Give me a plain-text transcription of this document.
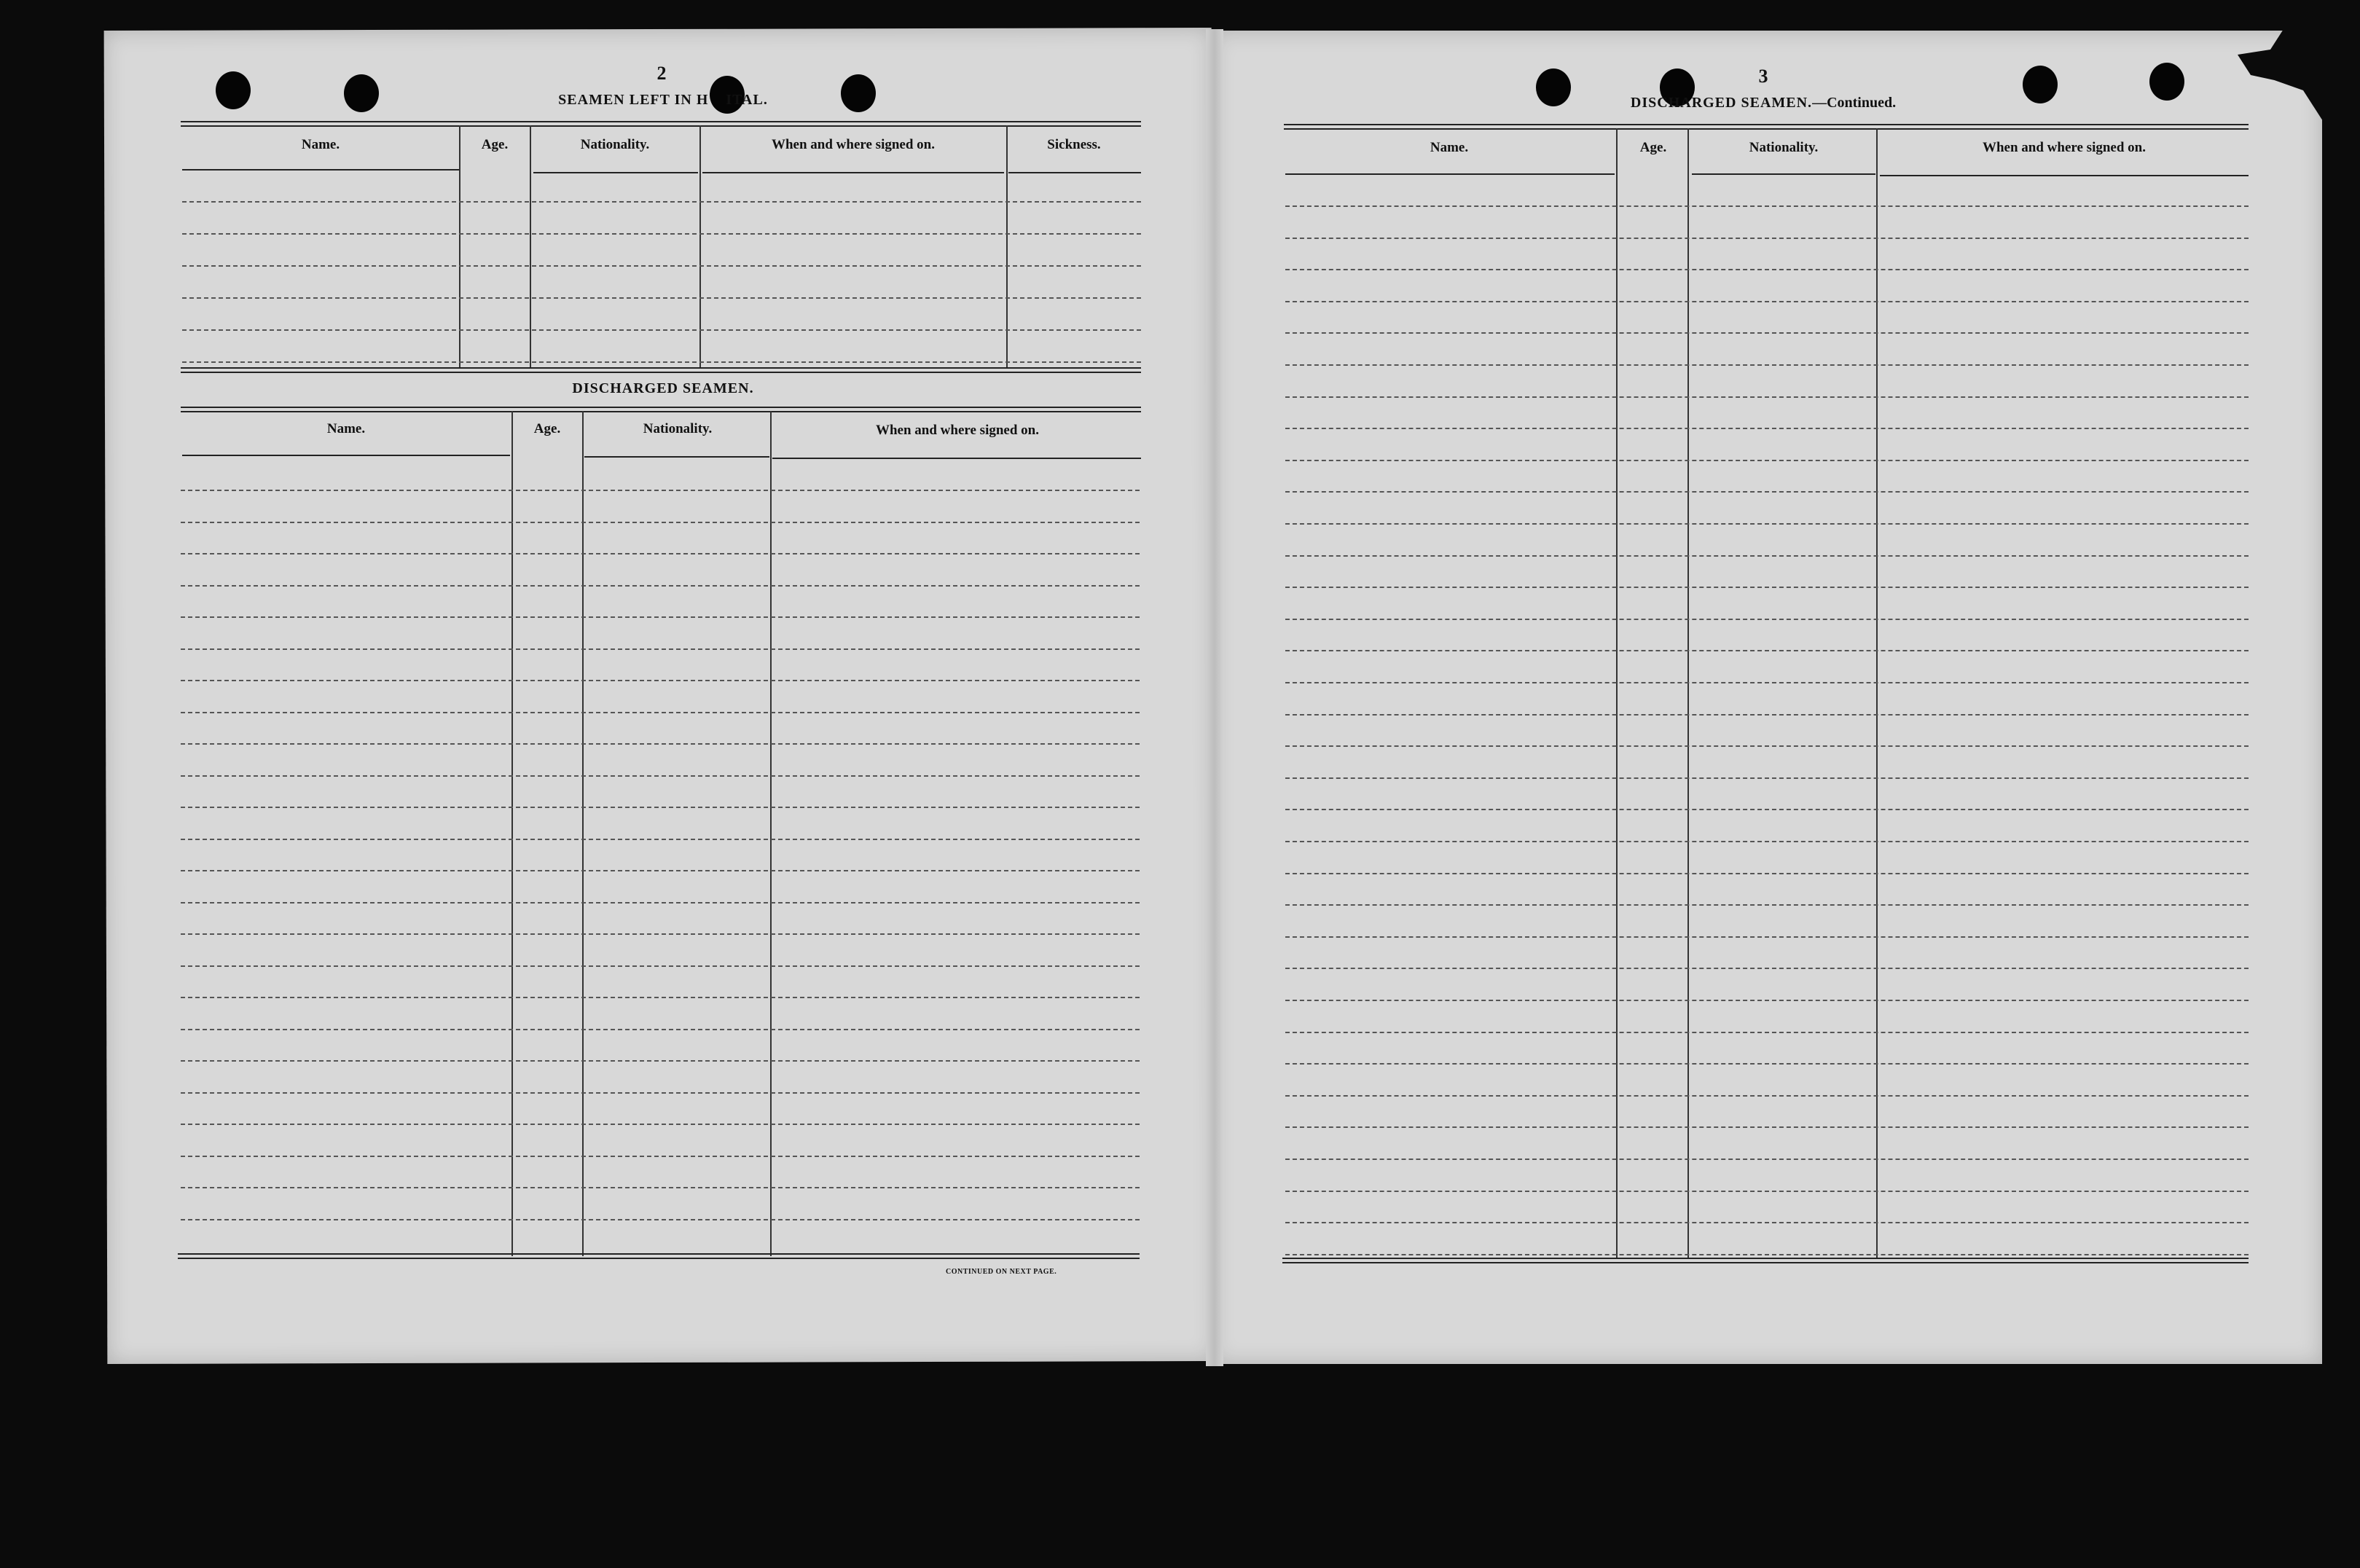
2
SEAMEN LEFT IN H    ITAL.
Name.	Age.	Nationality.	When and where signed on.	Sickness.
DISCHARGED SEAMEN.
Name.	Age.	Nationality.	When and where signed on.
CONTINUED ON NEXT PAGE.
3
DISCHARGED SEAMEN.—Continued.
Name.	Age.	Nationality.	When and where signed on.
